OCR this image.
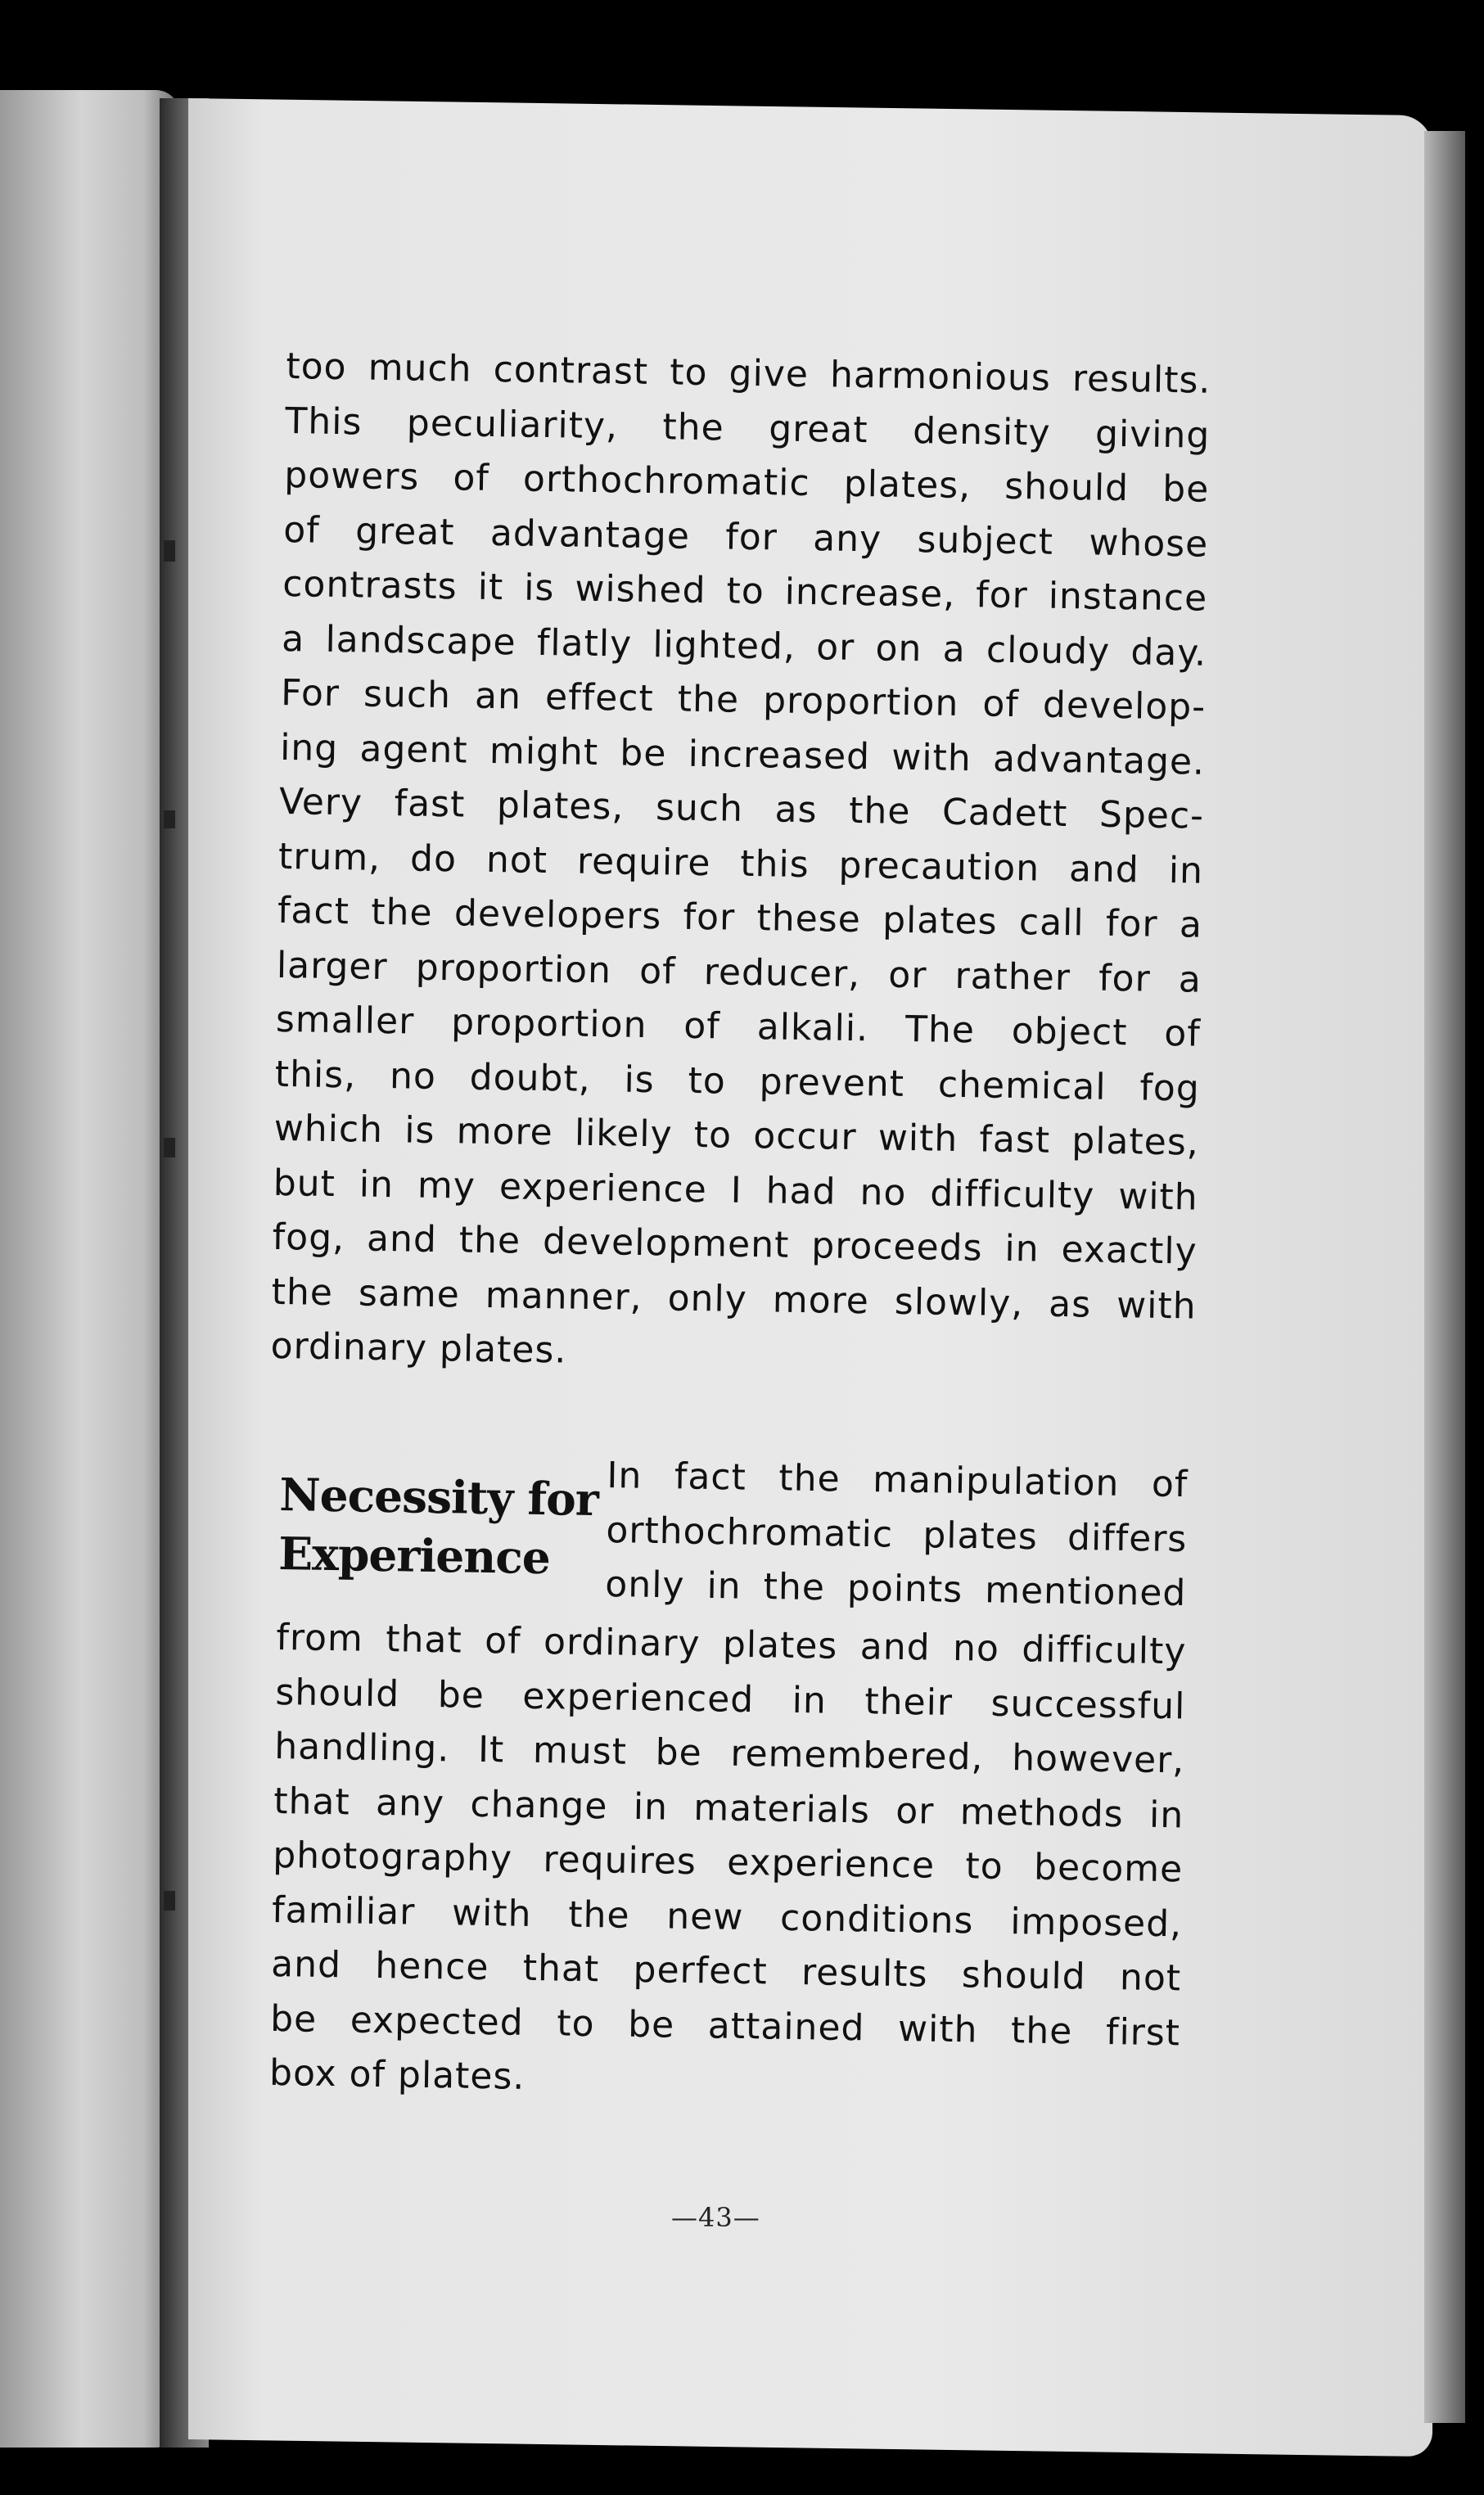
too much contrast to give harmonious results.
This peculiarity, the great density giving
powers of orthochromatic plates, should be
of great advantage for any subject whose
contrasts it is wished to increase, for instance
a landscape flatly lighted, or on a cloudy day.
For such an effect the proportion of develop-
ing agent might be increased with advantage.
Very fast plates, such as the Cadett Spec-
trum, do not require this precaution and in
fact the developers for these plates call for a
larger proportion of reducer, or rather for a
smaller proportion of alkali. The object of
this, no doubt, is to prevent chemical fog
which is more likely to occur with fast plates,
but in my experience I had no difficulty with
fog, and the development proceeds in exactly
the same manner, only more slowly, as with
ordinary plates.
Necessity for
Experience
In fact the manipulation of
orthochromatic plates differs
only in the points mentioned
from that of ordinary plates and no difficulty
should be experienced in their successful
handling. It must be remembered, however,
that any change in materials or methods in
photography requires experience to become
familiar with the new conditions imposed,
and hence that perfect results should not
be expected to be attained with the first
box of plates.
—43—
